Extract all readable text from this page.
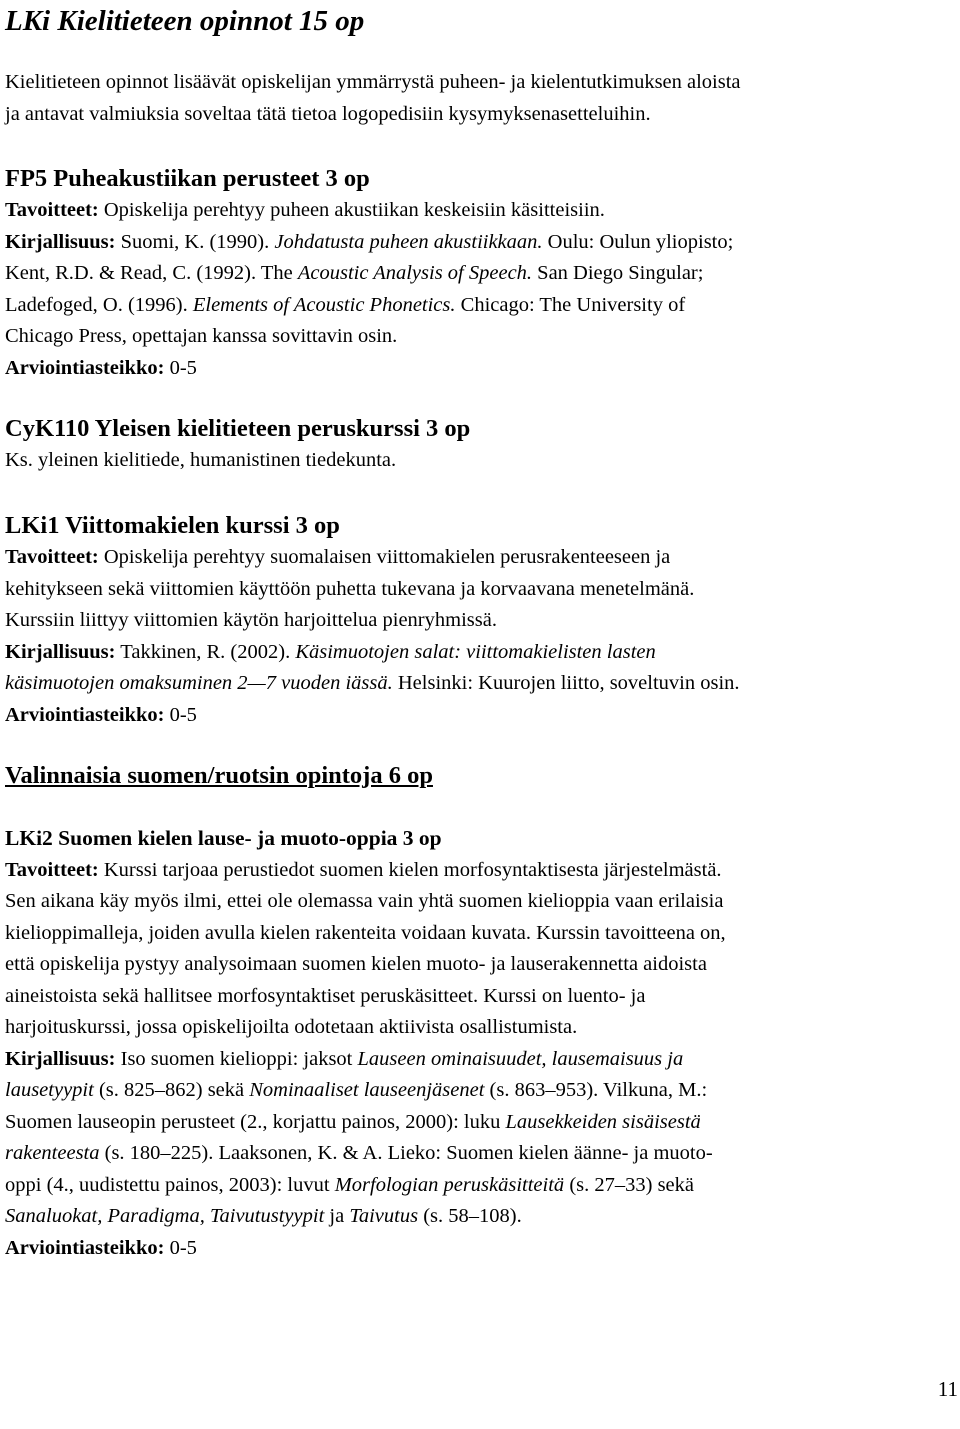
LKi Kielitieteen opinnot 15 op
Kielitieteen opinnot lisäävät opiskelijan ymmärrystä puheen- ja kielentutkimuksen aloista
ja antavat valmiuksia soveltaa tätä tietoa logopedisiin kysymyksenasetteluihin.
FP5 Puheakustiikan perusteet 3 op
Tavoitteet: Opiskelija perehtyy puheen akustiikan keskeisiin käsitteisiin.
Kirjallisuus: Suomi, K. (1990). Johdatusta puheen akustiikkaan. Oulu: Oulun yliopisto;
Kent, R.D. & Read, C. (1992). The Acoustic Analysis of Speech. San Diego Singular;
Ladefoged, O. (1996). Elements of Acoustic Phonetics. Chicago: The University of
Chicago Press, opettajan kanssa sovittavin osin.
Arviointiasteikko: 0-5
CyK110 Yleisen kielitieteen peruskurssi 3 op
Ks. yleinen kielitiede, humanistinen tiedekunta.
LKi1 Viittomakielen kurssi 3 op
Tavoitteet: Opiskelija perehtyy suomalaisen viittomakielen perusrakenteeseen ja
kehitykseen sekä viittomien käyttöön puhetta tukevana ja korvaavana menetelmänä.
Kurssiin liittyy viittomien käytön harjoittelua pienryhmissä.
Kirjallisuus: Takkinen, R. (2002). Käsimuotojen salat: viittomakielisten lasten
käsimuotojen omaksuminen 2—7 vuoden iässä. Helsinki: Kuurojen liitto, soveltuvin osin.
Arviointiasteikko: 0-5
Valinnaisia suomen/ruotsin opintoja 6 op
LKi2 Suomen kielen lause- ja muoto-oppia 3 op
Tavoitteet: Kurssi tarjoaa perustiedot suomen kielen morfosyntaktisesta järjestelmästä.
Sen aikana käy myös ilmi, ettei ole olemassa vain yhtä suomen kielioppia vaan erilaisia
kielioppimalleja, joiden avulla kielen rakenteita voidaan kuvata. Kurssin tavoitteena on,
että opiskelija pystyy analysoimaan suomen kielen muoto- ja lauserakennetta aidoista
aineistoista sekä hallitsee morfosyntaktiset peruskäsitteet. Kurssi on luento- ja
harjoituskurssi, jossa opiskelijoilta odotetaan aktiivista osallistumista.
Kirjallisuus: Iso suomen kielioppi: jaksot Lauseen ominaisuudet, lausemaisuus ja
lausetyypit (s. 825–862) sekä Nominaaliset lauseenjäsenet (s. 863–953). Vilkuna, M.:
Suomen lauseopin perusteet (2., korjattu painos, 2000): luku Lausekkeiden sisäisestä
rakenteesta (s. 180–225). Laaksonen, K. & A. Lieko: Suomen kielen äänne- ja muoto-
oppi (4., uudistettu painos, 2003): luvut Morfologian peruskäsitteitä (s. 27–33) sekä
Sanaluokat, Paradigma, Taivutustyypit ja Taivutus (s. 58–108).
Arviointiasteikko: 0-5
11
